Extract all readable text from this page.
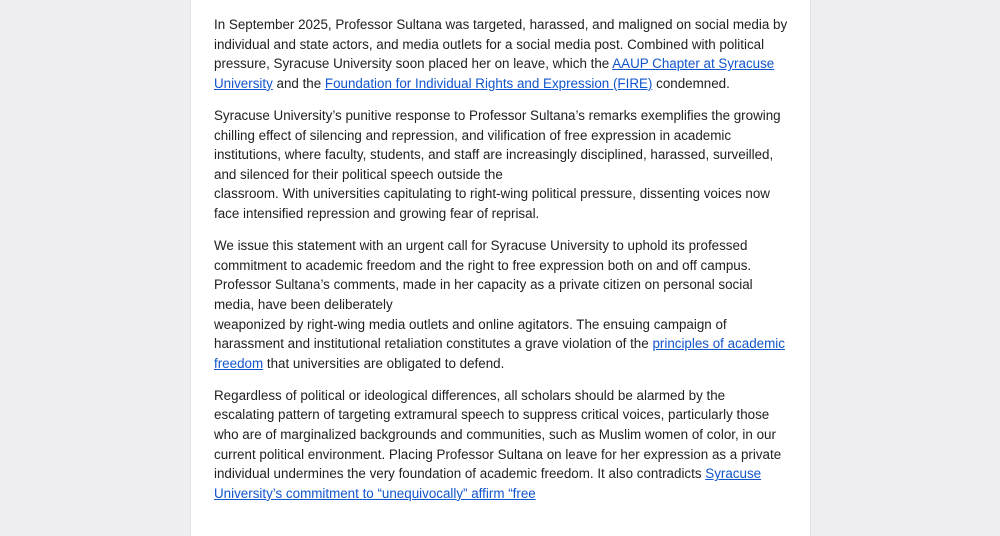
In September 2025, Professor Sultana was targeted, harassed, and maligned on social media by individual and state actors, and media outlets for a social media post. Combined with political pressure, Syracuse University soon placed her on leave, which the AAUP Chapter at Syracuse University and the Foundation for Individual Rights and Expression (FIRE) condemned.

Syracuse University’s punitive response to Professor Sultana’s remarks exemplifies the growing chilling effect of silencing and repression, and vilification of free expression in academic institutions, where faculty, students, and staff are increasingly disciplined, harassed, surveilled, and silenced for their political speech outside the
classroom. With universities capitulating to right-wing political pressure, dissenting voices now face intensified repression and growing fear of reprisal.

We issue this statement with an urgent call for Syracuse University to uphold its professed commitment to academic freedom and the right to free expression both on and off campus. Professor Sultana’s comments, made in her capacity as a private citizen on personal social media, have been deliberately
weaponized by right-wing media outlets and online agitators. The ensuing campaign of harassment and institutional retaliation constitutes a grave violation of the principles of academic freedom that universities are obligated to defend.

Regardless of political or ideological differences, all scholars should be alarmed by the escalating pattern of targeting extramural speech to suppress critical voices, particularly those who are of marginalized backgrounds and communities, such as Muslim women of color, in our current political environment. Placing Professor Sultana on leave for her expression as a private individual undermines the very foundation of academic freedom. It also contradicts Syracuse University’s commitment to “unequivocally” affirm “free
